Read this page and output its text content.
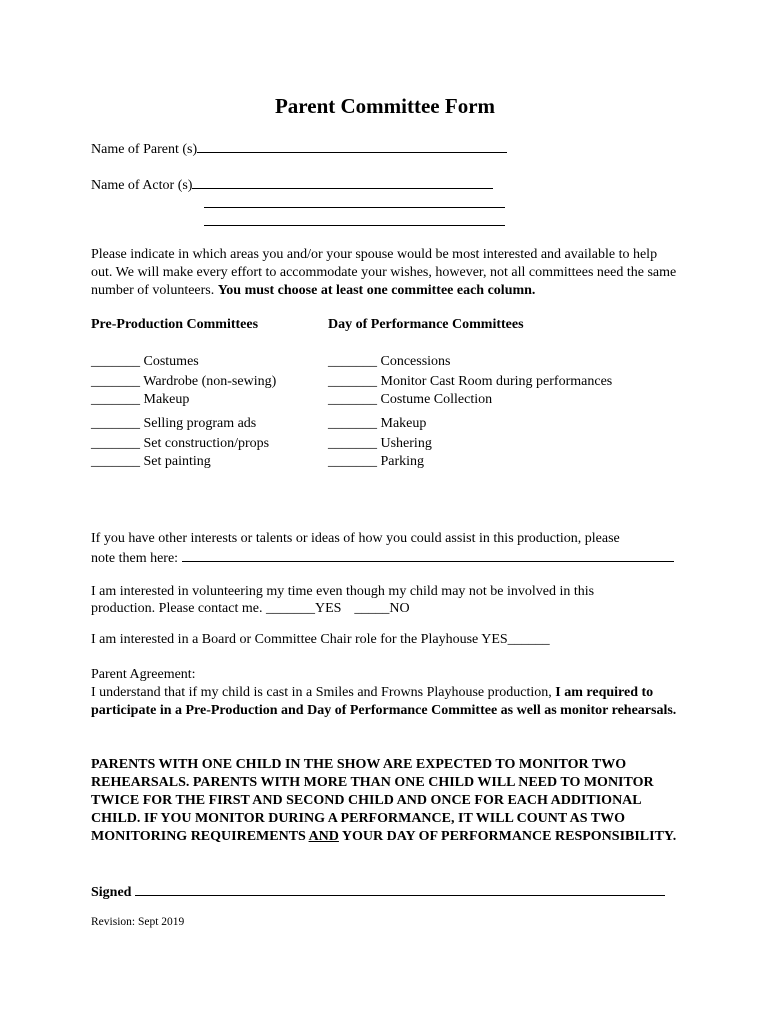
Parent Committee Form
Name of Parent (s)
Name of Actor (s)
Please indicate in which areas you and/or your spouse would be most interested and available to help out. We will make every effort to accommodate your wishes, however, not all committees need the same number of volunteers. You must choose at least one committee each column.
Pre-Production Committees	Day of Performance Committees
_______ Costumes
_______ Wardrobe (non-sewing)
_______ Makeup
_______ Selling program ads
_______ Set construction/props
_______ Set painting
_______ Concessions
_______ Monitor Cast Room during performances
_______ Costume Collection
_______ Makeup
_______ Ushering
_______ Parking
If you have other interests or talents or ideas of how you could assist in this production, please
note them here:
I am interested in volunteering my time even though my child may not be involved in this
production. Please contact me. _______YES _____NO
I am interested in a Board or Committee Chair role for the Playhouse YES______
Parent Agreement:
I understand that if my child is cast in a Smiles and Frowns Playhouse production, I am required to participate in a Pre-Production and Day of Performance Committee as well as monitor rehearsals.
PARENTS WITH ONE CHILD IN THE SHOW ARE EXPECTED TO MONITOR TWO REHEARSALS. PARENTS WITH MORE THAN ONE CHILD WILL NEED TO MONITOR TWICE FOR THE FIRST AND SECOND CHILD AND ONCE FOR EACH ADDITIONAL CHILD. IF YOU MONITOR DURING A PERFORMANCE, IT WILL COUNT AS TWO MONITORING REQUIREMENTS AND YOUR DAY OF PERFORMANCE RESPONSIBILITY.
Signed
Revision: Sept 2019
